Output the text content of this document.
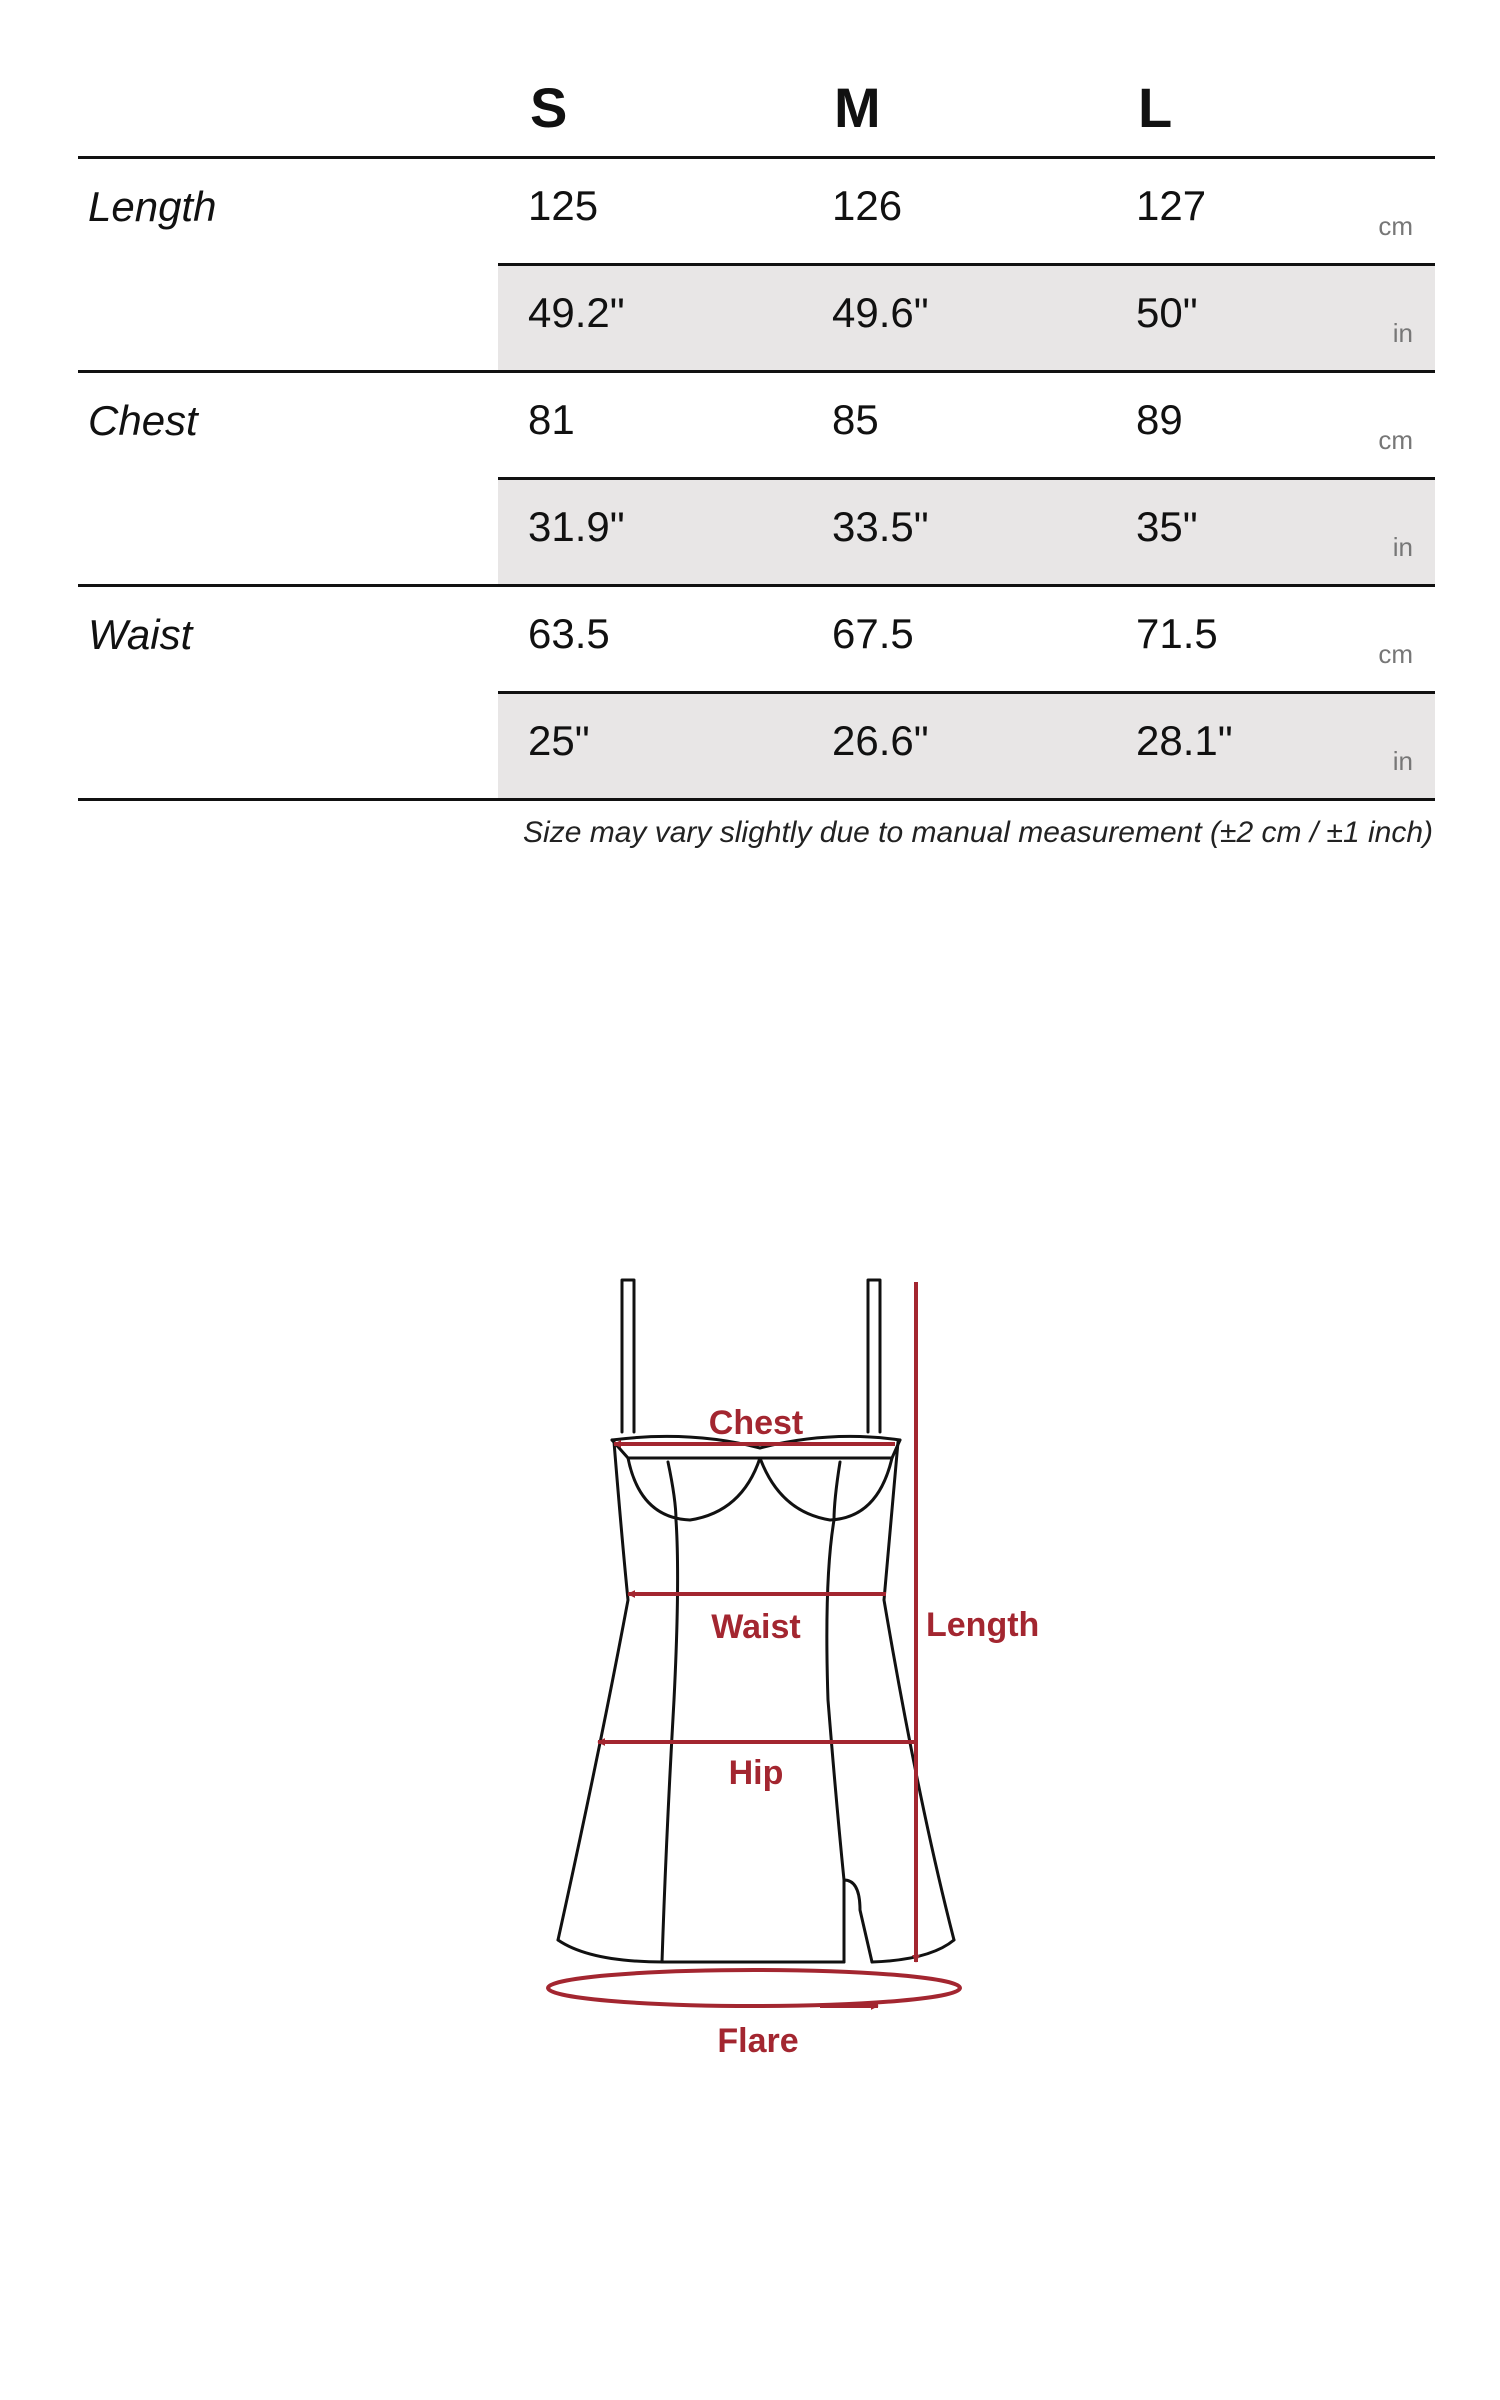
S	M	L
Length	125	126	127	cm
49.2"	49.6"	50"	in
Chest	81	85	89	cm
31.9"	33.5"	35"	in
Waist	63.5	67.5	71.5	cm
25"	26.6"	28.1"	in
Size may vary slightly due to manual measurement (±2 cm / ±1 inch)
Chest
Waist
Hip
Length
Flare
